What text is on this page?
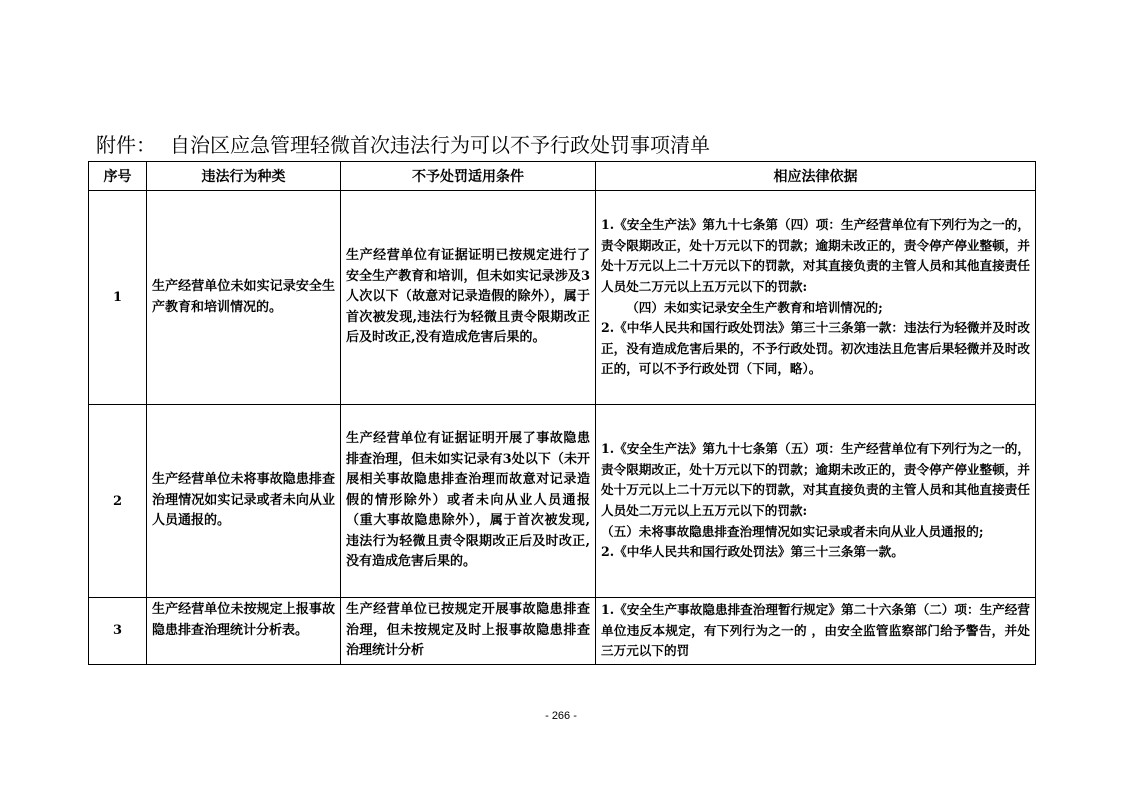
附件： 自治区应急管理轻微首次违法行为可以不予行政处罚事项清单
序号	违法行为种类	不予处罚适用条件	相应法律依据
1	生产经营单位未如实记录安全生产教育和培训情况的。	生产经营单位有证据证明已按规定进行了安全生产教育和培训，但未如实记录涉及3人次以下（故意对记录造假的除外），属于首次被发现,违法行为轻微且责令限期改正后及时改正,没有造成危害后果的。	1.《安全生产法》第九十七条第（四）项：生产经营单位有下列行为之一的，责令限期改正，处十万元以下的罚款；逾期未改正的，责令停产停业整顿，并处十万元以上二十万元以下的罚款，对其直接负责的主管人员和其他直接责任人员处二万元以上五万元以下的罚款:
（四）未如实记录安全生产教育和培训情况的;
2.《中华人民共和国行政处罚法》第三十三条第一款：违法行为轻微并及时改正，没有造成危害后果的，不予行政处罚。初次违法且危害后果轻微并及时改正的，可以不予行政处罚（下同，略）。

2	生产经营单位未将事故隐患排查治理情况如实记录或者未向从业人员通报的。	生产经营单位有证据证明开展了事故隐患排查治理，但未如实记录有3处以下（未开展相关事故隐患排查治理而故意对记录造假的情形除外）或者未向从业人员通报（重大事故隐患除外），属于首次被发现,违法行为轻微且责令限期改正后及时改正,没有造成危害后果的。	1.《安全生产法》第九十七条第（五）项：生产经营单位有下列行为之一的，责令限期改正，处十万元以下的罚款；逾期未改正的，责令停产停业整顿，并处十万元以上二十万元以下的罚款，对其直接负责的主管人员和其他直接责任人员处二万元以上五万元以下的罚款:
（五）未将事故隐患排查治理情况如实记录或者未向从业人员通报的;
2.《中华人民共和国行政处罚法》第三十三条第一款。

3	生产经营单位未按规定上报事故隐患排查治理统计分析表。	生产经营单位已按规定开展事故隐患排查治理，但未按规定及时上报事故隐患排查治理统计分析	1.《安全生产事故隐患排查治理暂行规定》第二十六条第（二）项：生产经营单位违反本规定，有下列行为之一的 ，由安全监管监察部门给予警告，并处三万元以下的罚
- 266 -
